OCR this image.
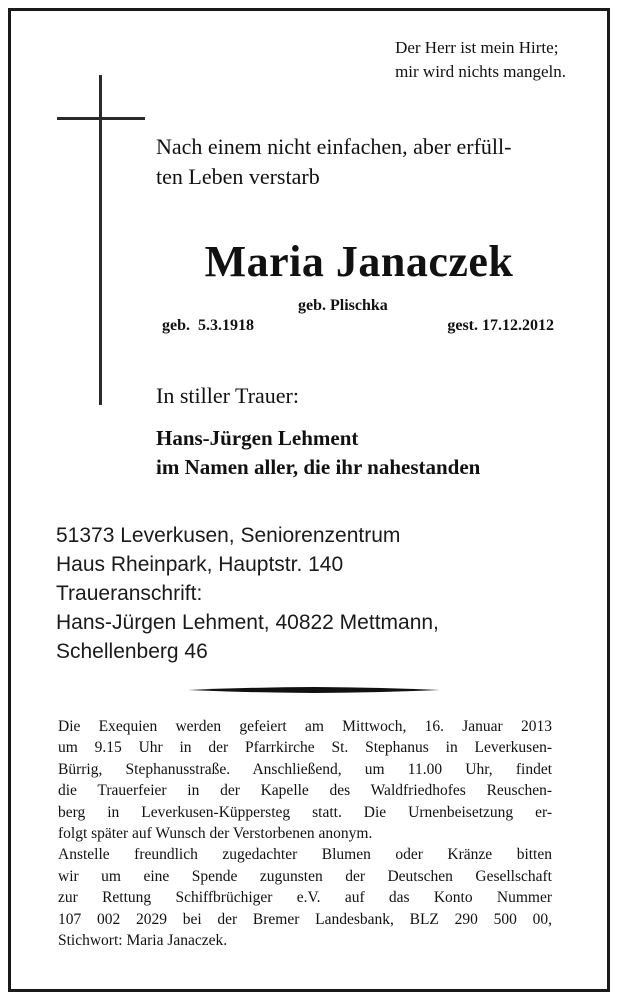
Der Herr ist mein Hirte;
mir wird nichts mangeln.
Nach einem nicht einfachen, aber erfüll-
ten Leben verstarb
Maria Janaczek
geb. Plischka
geb.  5.3.1918	gest. 17.12.2012
In stiller Trauer:
Hans-Jürgen Lehment
im Namen aller, die ihr nahestanden
51373 Leverkusen, Seniorenzentrum
Haus Rheinpark, Hauptstr. 140
Traueranschrift:
Hans-Jürgen Lehment, 40822 Mettmann,
Schellenberg 46
Die Exequien werden gefeiert am Mittwoch, 16. Januar 2013
um 9.15 Uhr in der Pfarrkirche St. Stephanus in Leverkusen-
Bürrig, Stephanusstraße. Anschließend, um 11.00 Uhr, findet
die Trauerfeier in der Kapelle des Waldfriedhofes Reuschen-
berg in Leverkusen-Küppersteg statt. Die Urnenbeisetzung er-
folgt später auf Wunsch der Verstorbenen anonym.
Anstelle freundlich zugedachter Blumen oder Kränze bitten
wir um eine Spende zugunsten der Deutschen Gesellschaft
zur Rettung Schiffbrüchiger e.V. auf das Konto Nummer
107 002 2029 bei der Bremer Landesbank, BLZ 290 500 00,
Stichwort: Maria Janaczek.
